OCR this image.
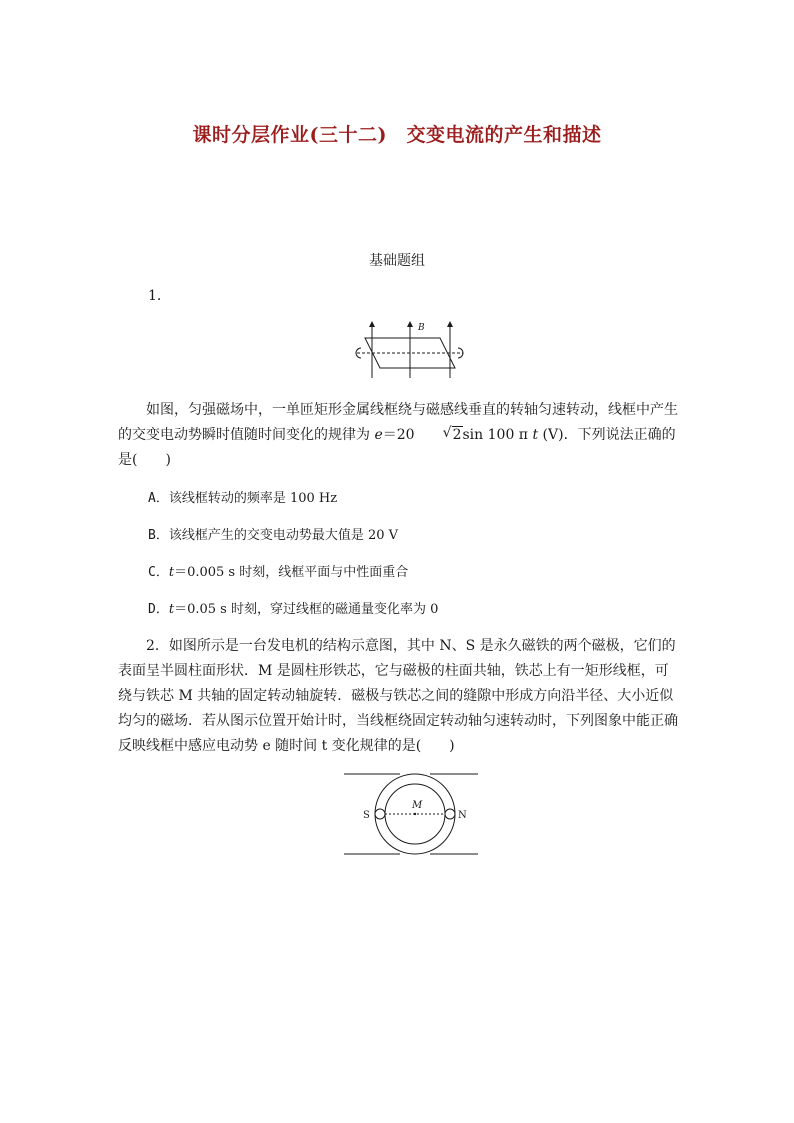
课时分层作业(三十二)　交变电流的产生和描述
基础题组
1.
B

如图，匀强磁场中，一单匝矩形金属线框绕与磁感线垂直的转轴匀速转动，线框中产生的交变电动势瞬时值随时间变化的规律为 e＝20	√ 2sin 100 π t (V)．下列说法正确的是(　　)

A．该线框转动的频率是 100 Hz
B．该线框产生的交变电动势最大值是 20 V
C．t＝0.005 s 时刻，线框平面与中性面重合
D．t＝0.05 s 时刻，穿过线框的磁通量变化率为 0

2．如图所示是一台发电机的结构示意图，其中 N、S 是永久磁铁的两个磁极，它们的表面呈半圆柱面形状．M 是圆柱形铁芯，它与磁极的柱面共轴，铁芯上有一矩形线框，可绕与铁芯 M 共轴的固定转动轴旋转．磁极与铁芯之间的缝隙中形成方向沿半径、大小近似均匀的磁场．若从图示位置开始计时，当线框绕固定转动轴匀速转动时，下列图象中能正确反映线框中感应电动势 e 随时间 t 变化规律的是(　　)

M
S	N
